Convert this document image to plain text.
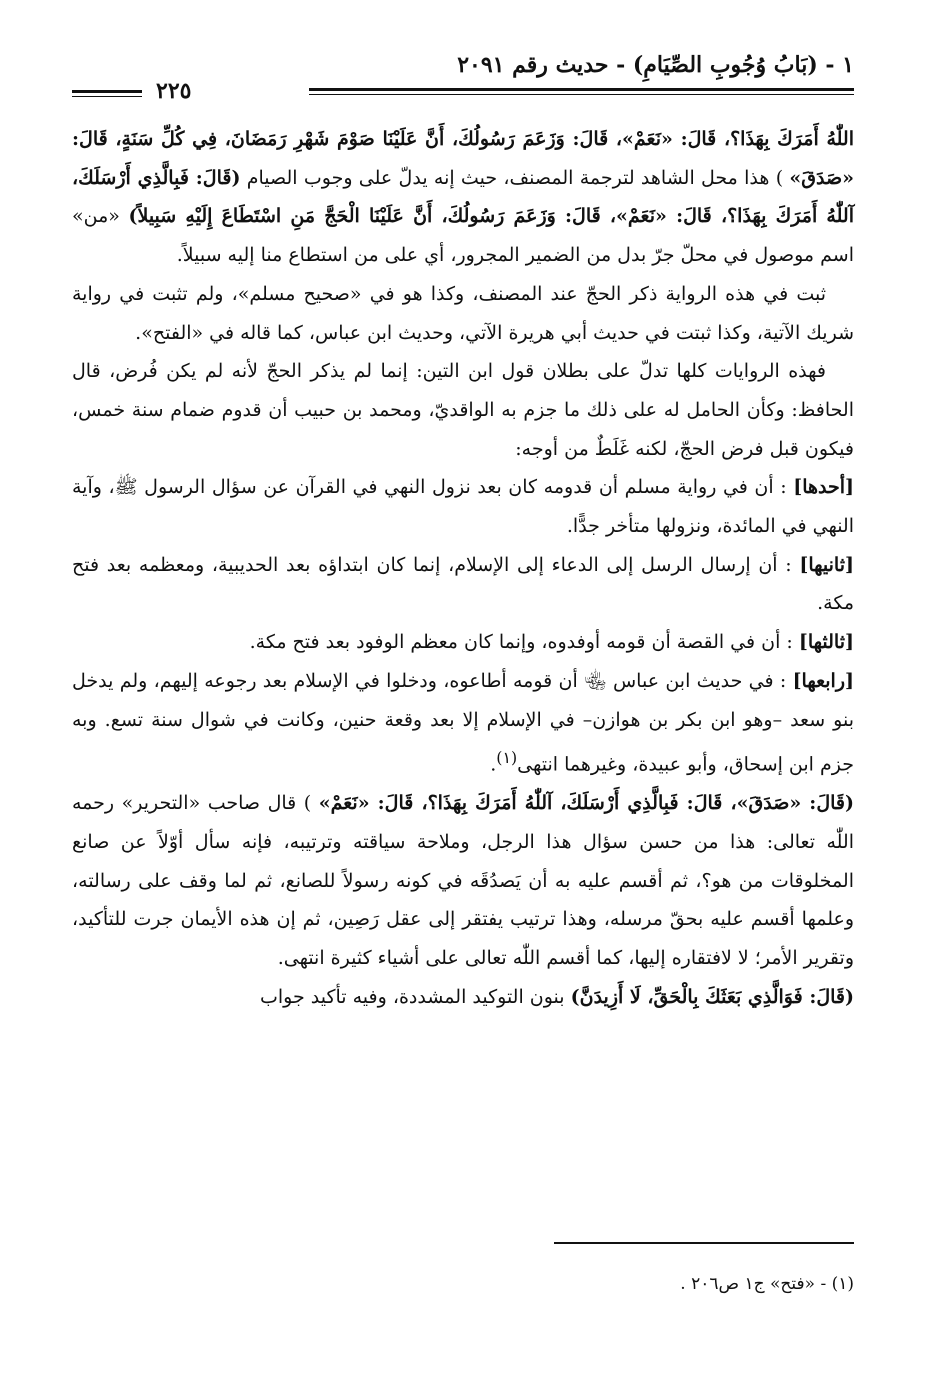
١ - (بَابُ وُجُوبِ الصِّيَامِ) - حديث رقم ٢٠٩١
٢٢٥

اللّٰهُ أَمَرَكَ بِهَذَا؟، قَالَ: «نَعَمْ»، قَالَ: وَزَعَمَ رَسُولُكَ، أَنَّ عَلَيْنَا صَوْمَ شَهْرِ رَمَضَانَ، فِي كُلِّ سَنَةٍ، قَالَ: «صَدَقَ» ) هذا محل الشاهد لترجمة المصنف، حيث إنه يدلّ على وجوب الصيام (قَالَ: فَبِالَّذِي أَرْسَلَكَ، آللّٰهُ أَمَرَكَ بِهَذَا؟، قَالَ: «نَعَمْ»، قَالَ: وَزَعَمَ رَسُولُكَ، أَنَّ عَلَيْنَا الْحَجَّ مَنِ اسْتَطَاعَ إِلَيْهِ سَبِيلاً) «من» اسم موصول في محلّ جرّ بدل من الضمير المجرور، أي على من استطاع منا إليه سبيلاً.

ثبت في هذه الرواية ذكر الحجّ عند المصنف، وكذا هو في «صحيح مسلم»، ولم تثبت في رواية شريك الآتية، وكذا ثبتت في حديث أبي هريرة الآتي، وحديث ابن عباس، كما قاله في «الفتح».

فهذه الروايات كلها تدلّ على بطلان قول ابن التين: إنما لم يذكر الحجّ لأنه لم يكن فُرض، قال الحافظ: وكأن الحامل له على ذلك ما جزم به الواقديّ، ومحمد بن حبيب أن قدوم ضمام سنة خمس، فيكون قبل فرض الحجّ، لكنه غَلَطٌ من أوجه:

[أحدها] : أن في رواية مسلم أن قدومه كان بعد نزول النهي في القرآن عن سؤال الرسول ﷺ، وآية النهي في المائدة، ونزولها متأخر جدًّا.

[ثانيها] : أن إرسال الرسل إلى الدعاء إلى الإسلام، إنما كان ابتداؤه بعد الحديبية، ومعظمه بعد فتح مكة.

[ثالثها] : أن في القصة أن قومه أوفدوه، وإنما كان معظم الوفود بعد فتح مكة.

[رابعها] : في حديث ابن عباس ﵄ أن قومه أطاعوه، ودخلوا في الإسلام بعد رجوعه إليهم، ولم يدخل بنو سعد –وهو ابن بكر بن هوازن– في الإسلام إلا بعد وقعة حنين، وكانت في شوال سنة تسع. وبه جزم ابن إسحاق، وأبو عبيدة، وغيرهما انتهى$^{(١)}$.

(قَالَ: «صَدَقَ»، قَالَ: فَبِالَّذِي أَرْسَلَكَ، آللّٰهُ أَمَرَكَ بِهَذَا؟، قَالَ: «نَعَمْ» ) قال صاحب «التحرير» رحمه اللّٰه تعالى: هذا من حسن سؤال هذا الرجل، وملاحة سياقته وترتيبه، فإنه سأل أوّلاً عن صانع المخلوقات من هو؟، ثم أقسم عليه به أن يَصدُقَه في كونه رسولاً للصانع، ثم لما وقف على رسالته، وعلمها أقسم عليه بحقّ مرسله، وهذا ترتيب يفتقر إلى عقل رَصِين، ثم إن هذه الأيمان جرت للتأكيد، وتقرير الأمر؛ لا لافتقاره إليها، كما أقسم اللّٰه تعالى على أشياء كثيرة انتهى.

(قَالَ: فَوَالَّذِي بَعَثَكَ بِالْحَقِّ، لَا أَزِيدَنَّ) بنون التوكيد المشددة، وفيه تأكيد جواب

(١) - «فتح» ج١ ص٢٠٦ .
